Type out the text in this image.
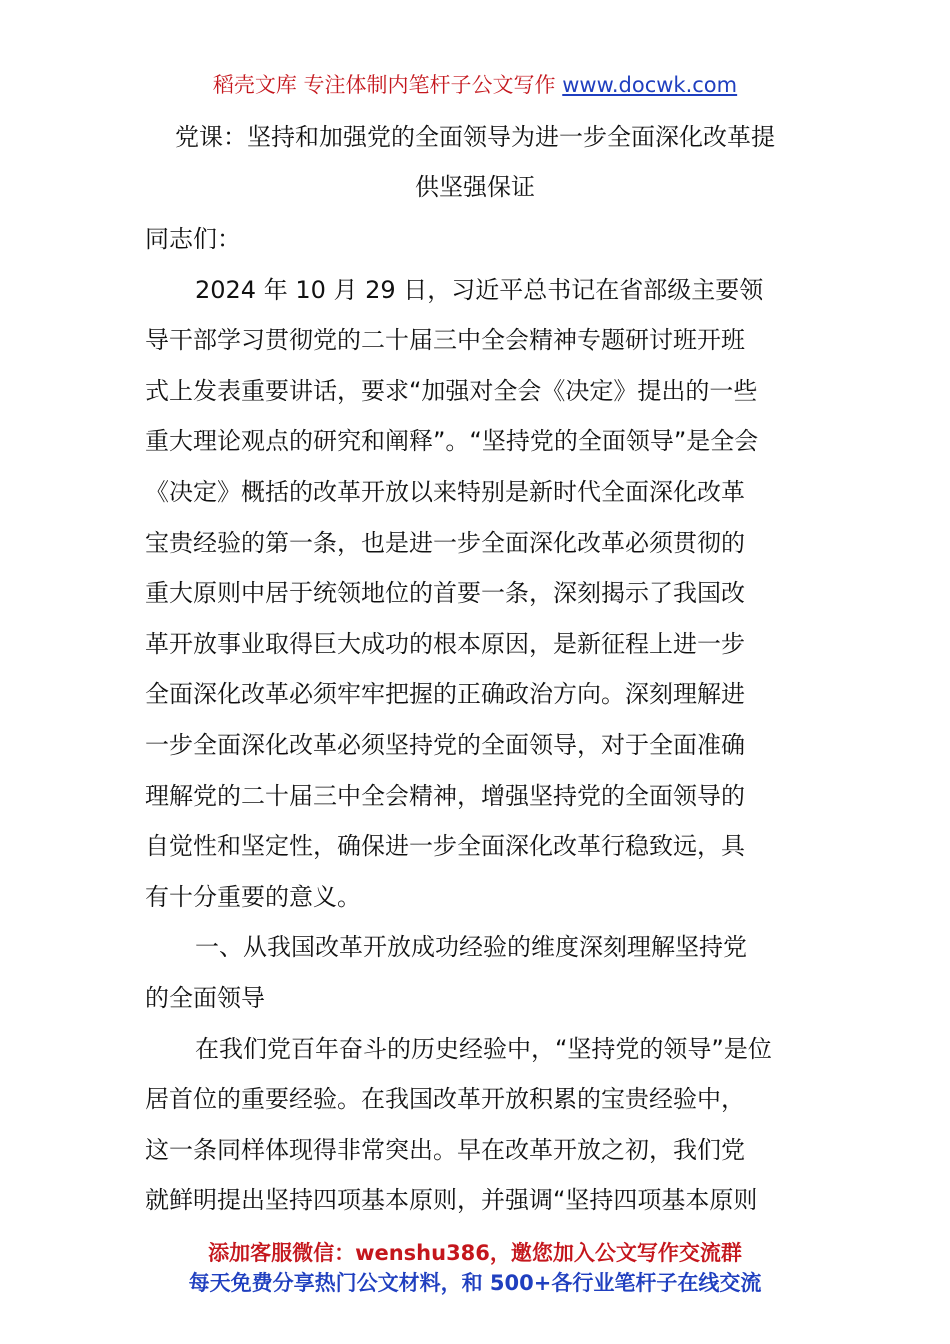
稻壳文库 专注体制内笔杆子公文写作 www.docwk.com
党课：坚持和加强党的全面领导为进一步全面深化改革提
供坚强保证
同志们：
2024 年 10 月 29 日，习近平总书记在省部级主要领
导干部学习贯彻党的二十届三中全会精神专题研讨班开班
式上发表重要讲话，要求“加强对全会《决定》提出的一些
重大理论观点的研究和阐释”。“坚持党的全面领导”是全会
《决定》概括的改革开放以来特别是新时代全面深化改革
宝贵经验的第一条，也是进一步全面深化改革必须贯彻的
重大原则中居于统领地位的首要一条，深刻揭示了我国改
革开放事业取得巨大成功的根本原因，是新征程上进一步
全面深化改革必须牢牢把握的正确政治方向。深刻理解进
一步全面深化改革必须坚持党的全面领导，对于全面准确
理解党的二十届三中全会精神，增强坚持党的全面领导的
自觉性和坚定性，确保进一步全面深化改革行稳致远，具
有十分重要的意义。
一、从我国改革开放成功经验的维度深刻理解坚持党
的全面领导
在我们党百年奋斗的历史经验中，“坚持党的领导”是位
居首位的重要经验。在我国改革开放积累的宝贵经验中，
这一条同样体现得非常突出。早在改革开放之初，我们党
就鲜明提出坚持四项基本原则，并强调“坚持四项基本原则
添加客服微信：wenshu386，邀您加入公文写作交流群
每天免费分享热门公文材料，和 500+各行业笔杆子在线交流
